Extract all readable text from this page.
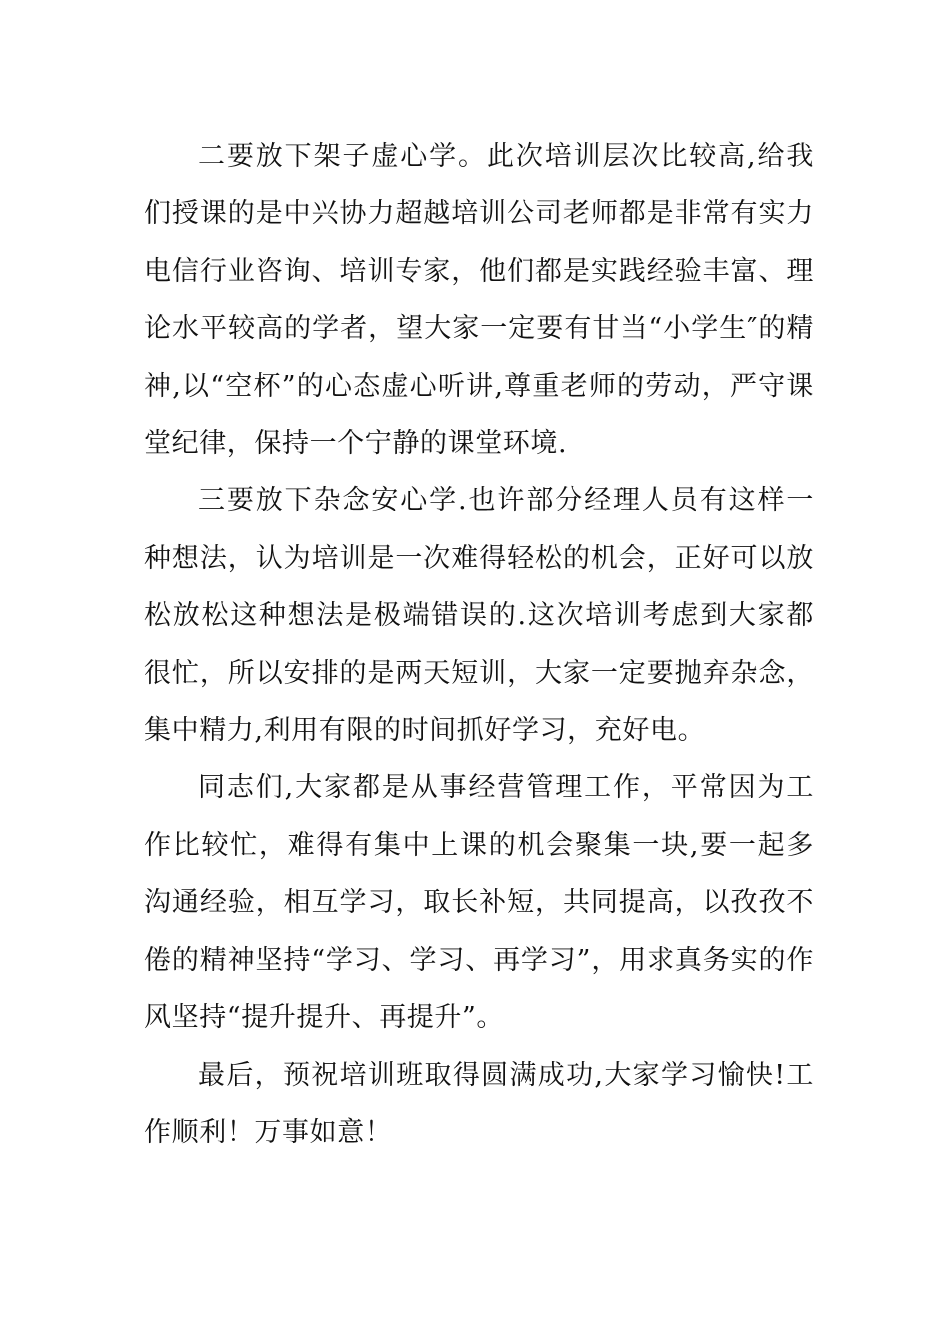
二要放下架子虚心学。此次培训层次比较高,给我们授课的是中兴协力超越培训公司老师都是非常有实力电信行业咨询、培训专家，他们都是实践经验丰富、理论水平较高的学者，望大家一定要有甘当“小学生″的精神,以“空杯”的心态虚心听讲,尊重老师的劳动，严守课堂纪律，保持一个宁静的课堂环境.

三要放下杂念安心学.也许部分经理人员有这样一种想法，认为培训是一次难得轻松的机会，正好可以放松放松这种想法是极端错误的.这次培训考虑到大家都很忙，所以安排的是两天短训，大家一定要抛弃杂念，集中精力,利用有限的时间抓好学习，充好电。

同志们,大家都是从事经营管理工作，平常因为工作比较忙，难得有集中上课的机会聚集一块,要一起多沟通经验，相互学习，取长补短，共同提高，以孜孜不倦的精神坚持“学习、学习、再学习”，用求真务实的作风坚持“提升提升、再提升”。

最后，预祝培训班取得圆满成功,大家学习愉快!工作顺利！万事如意！
